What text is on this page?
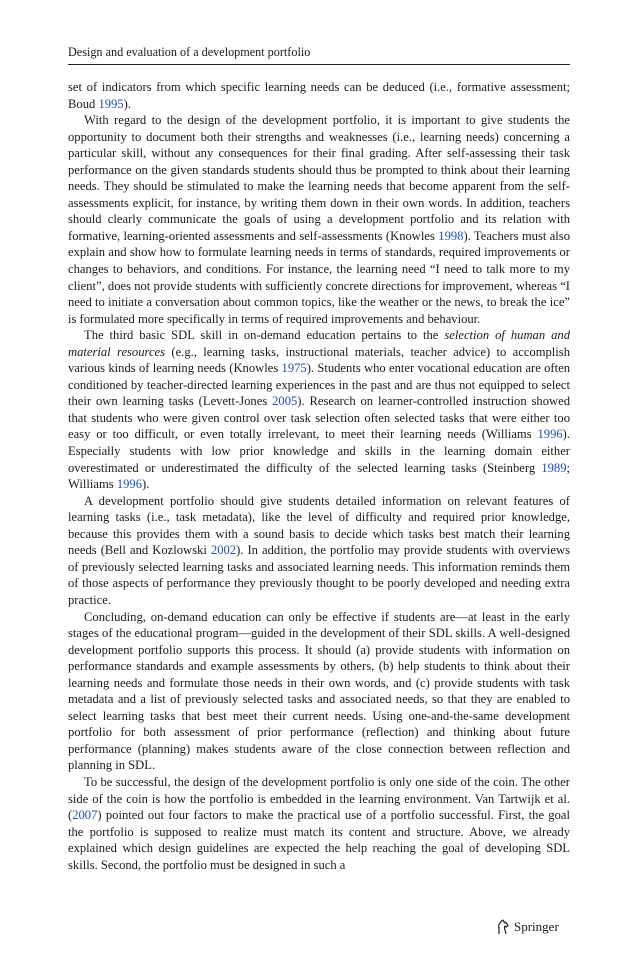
Design and evaluation of a development portfolio

set of indicators from which specific learning needs can be deduced (i.e., formative assessment; Boud 1995).

With regard to the design of the development portfolio, it is important to give students the opportunity to document both their strengths and weaknesses (i.e., learning needs) concerning a particular skill, without any consequences for their final grading. After self-assessing their task performance on the given standards students should thus be prompted to think about their learning needs. They should be stimulated to make the learning needs that become apparent from the self-assessments explicit, for instance, by writing them down in their own words. In addition, teachers should clearly communicate the goals of using a development portfolio and its relation with formative, learning-oriented assessments and self-assessments (Knowles 1998). Teachers must also explain and show how to formulate learning needs in terms of standards, required improvements or changes to behaviors, and conditions. For instance, the learning need “I need to talk more to my client”, does not provide students with sufficiently concrete directions for improvement, whereas “I need to initiate a conversation about common topics, like the weather or the news, to break the ice” is formulated more specifically in terms of required improvements and behaviour.

The third basic SDL skill in on-demand education pertains to the selection of human and material resources (e.g., learning tasks, instructional materials, teacher advice) to accomplish various kinds of learning needs (Knowles 1975). Students who enter vocational education are often conditioned by teacher-directed learning experiences in the past and are thus not equipped to select their own learning tasks (Levett-Jones 2005). Research on learner-controlled instruction showed that students who were given control over task selection often selected tasks that were either too easy or too difficult, or even totally irrelevant, to meet their learning needs (Williams 1996). Especially students with low prior knowledge and skills in the learning domain either overestimated or underestimated the difficulty of the selected learning tasks (Steinberg 1989; Williams 1996).

A development portfolio should give students detailed information on relevant features of learning tasks (i.e., task metadata), like the level of difficulty and required prior knowledge, because this provides them with a sound basis to decide which tasks best match their learning needs (Bell and Kozlowski 2002). In addition, the portfolio may provide students with overviews of previously selected learning tasks and associated learning needs. This information reminds them of those aspects of performance they previously thought to be poorly developed and needing extra practice.

Concluding, on-demand education can only be effective if students are—at least in the early stages of the educational program—guided in the development of their SDL skills. A well-designed development portfolio supports this process. It should (a) provide students with information on performance standards and example assessments by others, (b) help students to think about their learning needs and formulate those needs in their own words, and (c) provide students with task metadata and a list of previously selected tasks and associated needs, so that they are enabled to select learning tasks that best meet their current needs. Using one-and-the-same development portfolio for both assessment of prior performance (reflection) and thinking about future performance (planning) makes students aware of the close connection between reflection and planning in SDL.

To be successful, the design of the development portfolio is only one side of the coin. The other side of the coin is how the portfolio is embedded in the learning environment. Van Tartwijk et al. (2007) pointed out four factors to make the practical use of a portfolio successful. First, the goal the portfolio is supposed to realize must match its content and structure. Above, we already explained which design guidelines are expected the help reaching the goal of developing SDL skills. Second, the portfolio must be designed in such a

Springer
